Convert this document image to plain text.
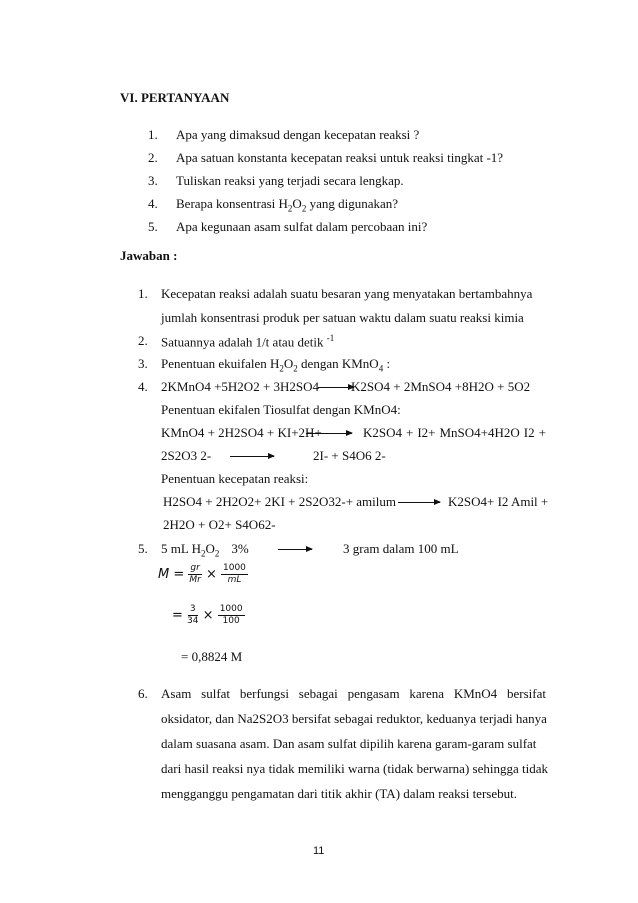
VI. PERTANYAAN
1. Apa yang dimaksud dengan kecepatan reaksi ?
2. Apa satuan konstanta kecepatan reaksi untuk reaksi tingkat -1?
3. Tuliskan reaksi yang terjadi secara lengkap.
4. Berapa konsentrasi $H_2O_2$ yang digunakan?
5. Apa kegunaan asam sulfat dalam percobaan ini?
Jawaban :
1. Kecepatan reaksi adalah suatu besaran yang menyatakan bertambahnya
jumlah konsentrasi produk per satuan waktu dalam suatu reaksi kimia
2. Satuannya adalah 1/t atau detik $^{-1}$
3. Penentuan ekuifalen $H_2O_2$ dengan KMnO$_4$ :
4. 2KMnO4 +5H2O2 + 3H2SO4 K2SO4 + 2MnSO4 +8H2O + 5O2
Penentuan ekifalen Tiosulfat dengan KMnO4:
KMnO4 + 2H2SO4 + KI+2H+ → K2SO4 + I2+ MnSO4+4H2O I2 +
2S2O3 2- →	2I- + S4O6 2-
Penentuan kecepatan reaksi:
H2SO4 + 2H2O2+ 2KI + 2S2O32-+ amilum → K2SO4+ I2 Amil +
2H2O + O2+ S4O62-
5. 5 mL $H_2O_2$ 3%	3 gram dalam 100 mL
$M = \frac{gr}{Mr} \times \frac{1000}{mL}$
= $\frac{3}{34} \times \frac{1000}{100}$
= 0,8824 M
6. Asam sulfat berfungsi sebagai pengasam karena KMnO4 bersifat
oksidator, dan Na2S2O3 bersifat sebagai reduktor, keduanya terjadi hanya
dalam suasana asam. Dan asam sulfat dipilih karena garam-garam sulfat
dari hasil reaksi nya tidak memiliki warna (tidak berwarna) sehingga tidak
mengganggu pengamatan dari titik akhir (TA) dalam reaksi tersebut.
11
